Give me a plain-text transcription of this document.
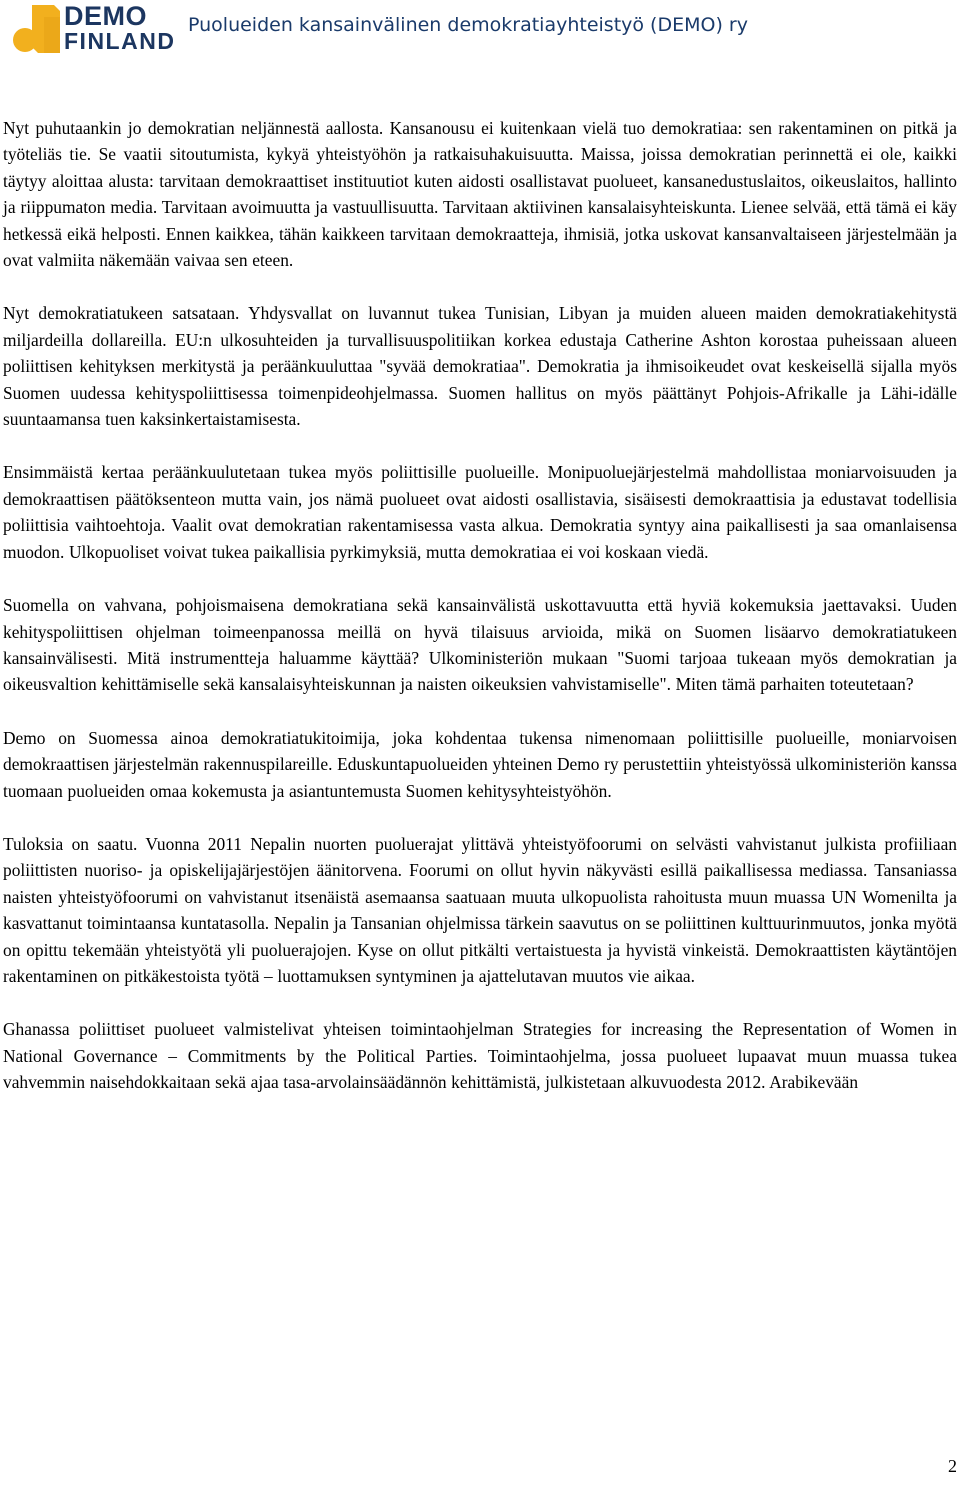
DEMO
FINLAND
Puolueiden kansainvälinen demokratiayhteistyö (DEMO) ry

Nyt puhutaankin jo demokratian neljännestä aallosta. Kansanousu ei kuitenkaan vielä tuo demokratiaa: sen rakentaminen on pitkä ja työteliäs tie. Se vaatii sitoutumista, kykyä yhteistyöhön ja ratkaisuhakuisuutta. Maissa, joissa demokratian perinnettä ei ole, kaikki täytyy aloittaa alusta: tarvitaan demokraattiset instituutiot kuten aidosti osallistavat puolueet, kansanedustuslaitos, oikeuslaitos, hallinto ja riippumaton media. Tarvitaan avoimuutta ja vastuullisuutta. Tarvitaan aktiivinen kansalaisyhteiskunta. Lienee selvää, että tämä ei käy hetkessä eikä helposti. Ennen kaikkea, tähän kaikkeen tarvitaan demokraatteja, ihmisiä, jotka uskovat kansanvaltaiseen järjestelmään ja ovat valmiita näkemään vaivaa sen eteen.

Nyt demokratiatukeen satsataan. Yhdysvallat on luvannut tukea Tunisian, Libyan ja muiden alueen maiden demokratiakehitystä miljardeilla dollareilla. EU:n ulkosuhteiden ja turvallisuuspolitiikan korkea edustaja Catherine Ashton korostaa puheissaan alueen poliittisen kehityksen merkitystä ja peräänkuuluttaa "syvää demokratiaa". Demokratia ja ihmisoikeudet ovat keskeisellä sijalla myös Suomen uudessa kehityspoliittisessa toimenpideohjelmassa. Suomen hallitus on myös päättänyt Pohjois-Afrikalle ja Lähi-idälle suuntaamansa tuen kaksinkertaistamisesta.

Ensimmäistä kertaa peräänkuulutetaan tukea myös poliittisille puolueille. Monipuoluejärjestelmä mahdollistaa moniarvoisuuden ja demokraattisen päätöksenteon mutta vain, jos nämä puolueet ovat aidosti osallistavia, sisäisesti demokraattisia ja edustavat todellisia poliittisia vaihtoehtoja. Vaalit ovat demokratian rakentamisessa vasta alkua. Demokratia syntyy aina paikallisesti ja saa omanlaisensa muodon. Ulkopuoliset voivat tukea paikallisia pyrkimyksiä, mutta demokratiaa ei voi koskaan viedä.

Suomella on vahvana, pohjoismaisena demokratiana sekä kansainvälistä uskottavuutta että hyviä kokemuksia jaettavaksi. Uuden kehityspoliittisen ohjelman toimeenpanossa meillä on hyvä tilaisuus arvioida, mikä on Suomen lisäarvo demokratiatukeen kansainvälisesti. Mitä instrumentteja haluamme käyttää? Ulkoministeriön mukaan "Suomi tarjoaa tukeaan myös demokratian ja oikeusvaltion kehittämiselle sekä kansalaisyhteiskunnan ja naisten oikeuksien vahvistamiselle". Miten tämä parhaiten toteutetaan?

Demo on Suomessa ainoa demokratiatukitoimija, joka kohdentaa tukensa nimenomaan poliittisille puolueille, moniarvoisen demokraattisen järjestelmän rakennuspilareille. Eduskuntapuolueiden yhteinen Demo ry perustettiin yhteistyössä ulkoministeriön kanssa tuomaan puolueiden omaa kokemusta ja asiantuntemusta Suomen kehitysyhteistyöhön.

Tuloksia on saatu. Vuonna 2011 Nepalin nuorten puoluerajat ylittävä yhteistyöfoorumi on selvästi vahvistanut julkista profiiliaan poliittisten nuoriso- ja opiskelijajärjestöjen äänitorvena. Foorumi on ollut hyvin näkyvästi esillä paikallisessa mediassa. Tansaniassa naisten yhteistyöfoorumi on vahvistanut itsenäistä asemaansa saatuaan muuta ulkopuolista rahoitusta muun muassa UN Womenilta ja kasvattanut toimintaansa kuntatasolla. Nepalin ja Tansanian ohjelmissa tärkein saavutus on se poliittinen kulttuurinmuutos, jonka myötä on opittu tekemään yhteistyötä yli puoluerajojen. Kyse on ollut pitkälti vertaistuesta ja hyvistä vinkeistä. Demokraattisten käytäntöjen rakentaminen on pitkäkestoista työtä – luottamuksen syntyminen ja ajattelutavan muutos vie aikaa.

Ghanassa poliittiset puolueet valmistelivat yhteisen toimintaohjelman Strategies for increasing the Representation of Women in National Governance – Commitments by the Political Parties. Toimintaohjelma, jossa puolueet lupaavat muun muassa tukea vahvemmin naisehdokkaitaan sekä ajaa tasa-arvolainsäädännön kehittämistä, julkistetaan alkuvuodesta 2012. Arabikevään

2
